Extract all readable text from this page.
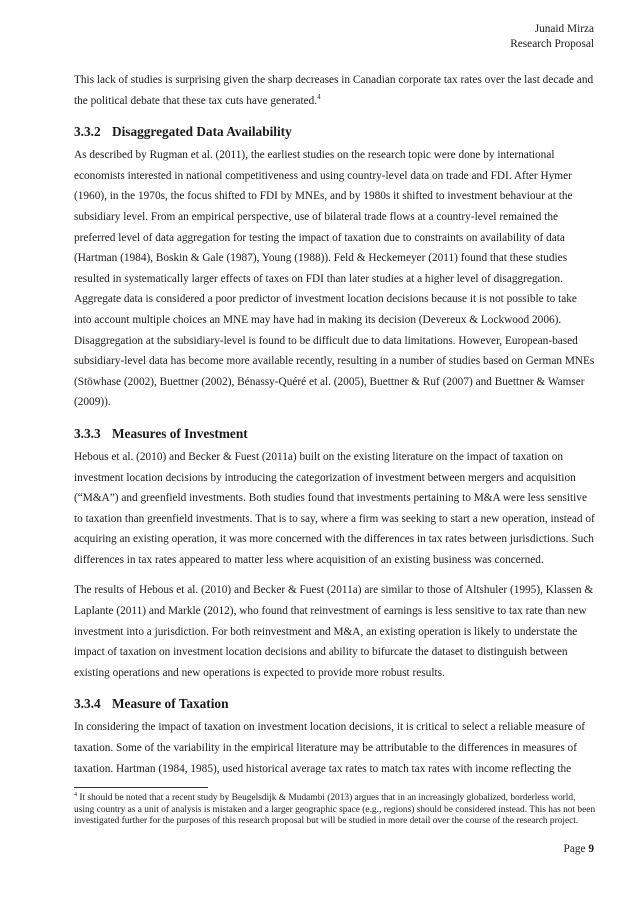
Junaid Mirza
Research Proposal

This lack of studies is surprising given the sharp decreases in Canadian corporate tax rates over the last decade and the political debate that these tax cuts have generated.$^4$

3.3.2 Disaggregated Data Availability

As described by Rugman et al. (2011), the earliest studies on the research topic were done by international economists interested in national competitiveness and using country-level data on trade and FDI. After Hymer (1960), in the 1970s, the focus shifted to FDI by MNEs, and by 1980s it shifted to investment behaviour at the subsidiary level. From an empirical perspective, use of bilateral trade flows at a country-level remained the preferred level of data aggregation for testing the impact of taxation due to constraints on availability of data (Hartman (1984), Boskin & Gale (1987), Young (1988)). Feld & Heckemeyer (2011) found that these studies resulted in systematically larger effects of taxes on FDI than later studies at a higher level of disaggregation. Aggregate data is considered a poor predictor of investment location decisions because it is not possible to take into account multiple choices an MNE may have had in making its decision (Devereux & Lockwood 2006). Disaggregation at the subsidiary-level is found to be difficult due to data limitations. However, European-based subsidiary-level data has become more available recently, resulting in a number of studies based on German MNEs (Stöwhase (2002), Buettner (2002), Bénassy-Quéré et al. (2005), Buettner & Ruf (2007) and Buettner & Wamser (2009)).

3.3.3 Measures of Investment

Hebous et al. (2010) and Becker & Fuest (2011a) built on the existing literature on the impact of taxation on investment location decisions by introducing the categorization of investment between mergers and acquisition (“M&A”) and greenfield investments. Both studies found that investments pertaining to M&A were less sensitive to taxation than greenfield investments. That is to say, where a firm was seeking to start a new operation, instead of acquiring an existing operation, it was more concerned with the differences in tax rates between jurisdictions. Such differences in tax rates appeared to matter less where acquisition of an existing business was concerned.

The results of Hebous et al. (2010) and Becker & Fuest (2011a) are similar to those of Altshuler (1995), Klassen & Laplante (2011) and Markle (2012), who found that reinvestment of earnings is less sensitive to tax rate than new investment into a jurisdiction. For both reinvestment and M&A, an existing operation is likely to understate the impact of taxation on investment location decisions and ability to bifurcate the dataset to distinguish between existing operations and new operations is expected to provide more robust results.

3.3.4 Measure of Taxation

In considering the impact of taxation on investment location decisions, it is critical to select a reliable measure of taxation. Some of the variability in the empirical literature may be attributable to the differences in measures of taxation. Hartman (1984, 1985), used historical average tax rates to match tax rates with income reflecting the

$^4$ It should be noted that a recent study by Beugelsdijk & Mudambi (2013) argues that in an increasingly globalized, borderless world, using country as a unit of analysis is mistaken and a larger geographic space (e.g., regions) should be considered instead. This has not been investigated further for the purposes of this research proposal but will be studied in more detail over the course of the research project.
Page 9
